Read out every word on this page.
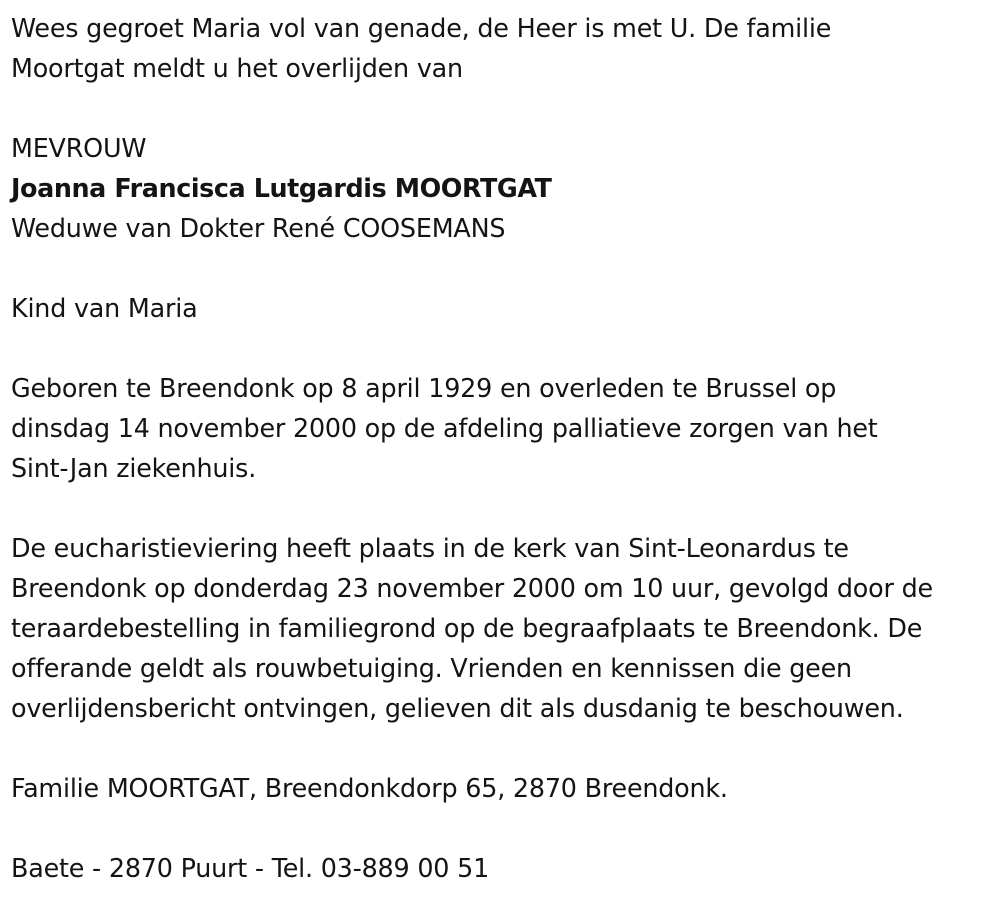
Wees gegroet Maria vol van genade, de Heer is met U. De familie
Moortgat meldt u het overlijden van
MEVROUW
Joanna Francisca Lutgardis MOORTGAT
Weduwe van Dokter René COOSEMANS
Kind van Maria
Geboren te Breendonk op 8 april 1929 en overleden te Brussel op
dinsdag 14 november 2000 op de afdeling palliatieve zorgen van het
Sint-Jan ziekenhuis.
De eucharistieviering heeft plaats in de kerk van Sint-Leonardus te
Breendonk op donderdag 23 november 2000 om 10 uur, gevolgd door de
teraardebestelling in familiegrond op de begraafplaats te Breendonk. De
offerande geldt als rouwbetuiging. Vrienden en kennissen die geen
overlijdensbericht ontvingen, gelieven dit als dusdanig te beschouwen.
Familie MOORTGAT, Breendonkdorp 65, 2870 Breendonk.
Baete - 2870 Puurt - Tel. 03-889 00 51
